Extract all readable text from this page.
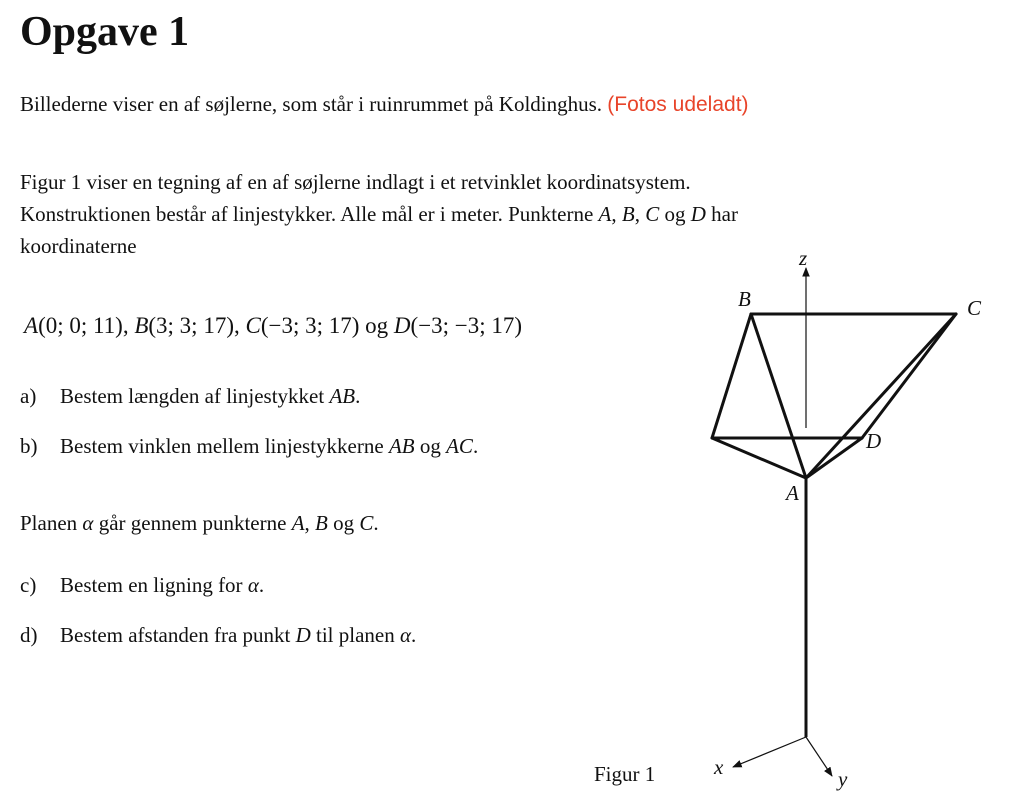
Opgave 1
Billederne viser en af søjlerne, som står i ruinrummet på Koldinghus. (Fotos udeladt)
Figur 1 viser en tegning af en af søjlerne indlagt i et retvinklet koordinatsystem.
Konstruktionen består af linjestykker. Alle mål er i meter. Punkterne A, B, C og D har
koordinaterne
A(0; 0; 11), B(3; 3; 17), C(−3; 3; 17) og D(−3; −3; 17)
a) Bestem længden af linjestykket AB.
b) Bestem vinklen mellem linjestykkerne AB og AC.
Planen α går gennem punkterne A, B og C.
c) Bestem en ligning for α.
d) Bestem afstanden fra punkt D til planen α.
z
B	C
D
A
x	y
Figur 1
